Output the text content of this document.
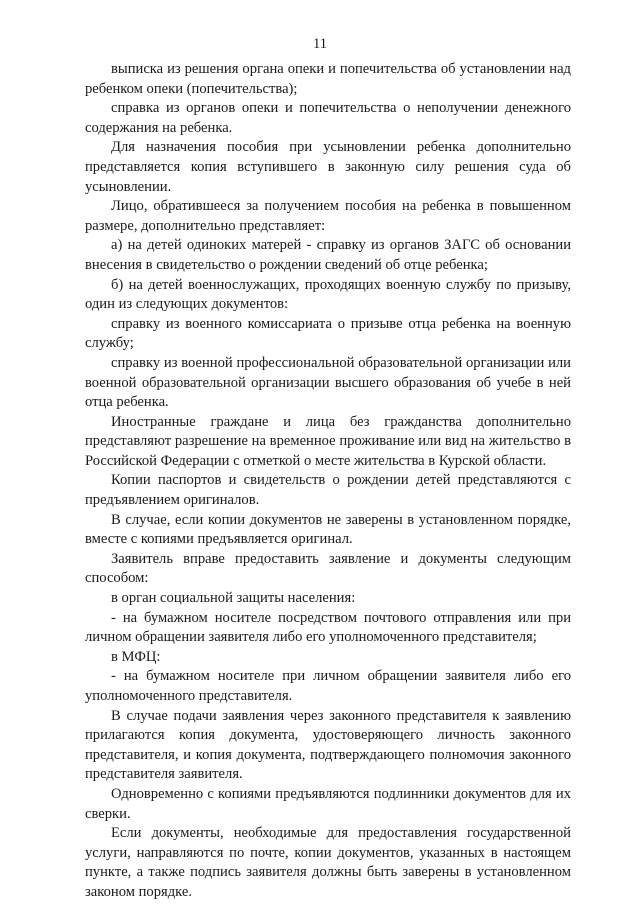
11

выписка из решения органа опеки и попечительства об установлении над ребенком опеки (попечительства);

справка из органов опеки и попечительства о неполучении денежного содержания на ребенка.

Для назначения пособия при усыновлении ребенка дополнительно представляется копия вступившего в законную силу решения суда об усыновлении.

Лицо, обратившееся за получением пособия на ребенка в повышенном размере, дополнительно представляет:

а) на детей одиноких матерей - справку из органов ЗАГС об основании внесения в свидетельство о рождении сведений об отце ребенка;

б) на детей военнослужащих, проходящих военную службу по призыву, один из следующих документов:

справку из военного комиссариата о призыве отца ребенка на военную службу;

справку из военной профессиональной образовательной организации или военной образовательной организации высшего образования об учебе в ней отца ребенка.

Иностранные граждане и лица без гражданства дополнительно представляют разрешение на временное проживание или вид на жительство в Российской Федерации с отметкой о месте жительства в Курской области.

Копии паспортов и свидетельств о рождении детей представляются с предъявлением оригиналов.

В случае, если копии документов не заверены в установленном порядке, вместе с копиями предъявляется оригинал.

Заявитель вправе предоставить заявление и документы следующим способом:

в орган социальной защиты населения:

- на бумажном носителе посредством почтового отправления или при личном обращении заявителя либо его уполномоченного представителя;

в МФЦ:

- на бумажном носителе при личном обращении заявителя либо его уполномоченного представителя.

В случае подачи заявления через законного представителя к заявлению прилагаются копия документа, удостоверяющего личность законного представителя, и копия документа, подтверждающего полномочия законного представителя заявителя.

Одновременно с копиями предъявляются подлинники документов для их сверки.

Если документы, необходимые для предоставления государственной услуги, направляются по почте, копии документов, указанных в настоящем пункте, а также подпись заявителя должны быть заверены в установленном законом порядке.
